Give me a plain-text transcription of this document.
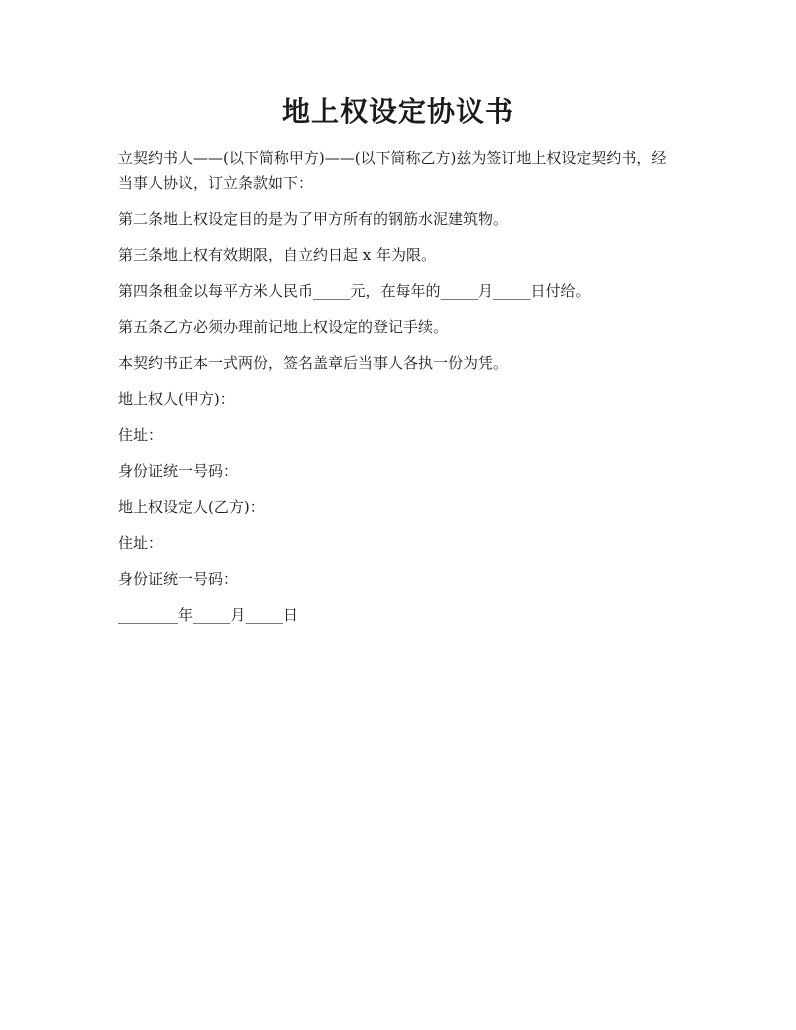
地上权设定协议书

立契约书人——(以下简称甲方)——(以下简称乙方)兹为签订地上权设定契约书，经当事人协议，订立条款如下：

第二条地上权设定目的是为了甲方所有的钢筋水泥建筑物。

第三条地上权有效期限，自立约日起 x 年为限。

第四条租金以每平方米人民币_____元，在每年的_____月_____日付给。

第五条乙方必须办理前记地上权设定的登记手续。

本契约书正本一式两份，签名盖章后当事人各执一份为凭。

地上权人(甲方)：

住址：

身份证统一号码：

地上权设定人(乙方)：

住址：

身份证统一号码：

________年_____月_____日
